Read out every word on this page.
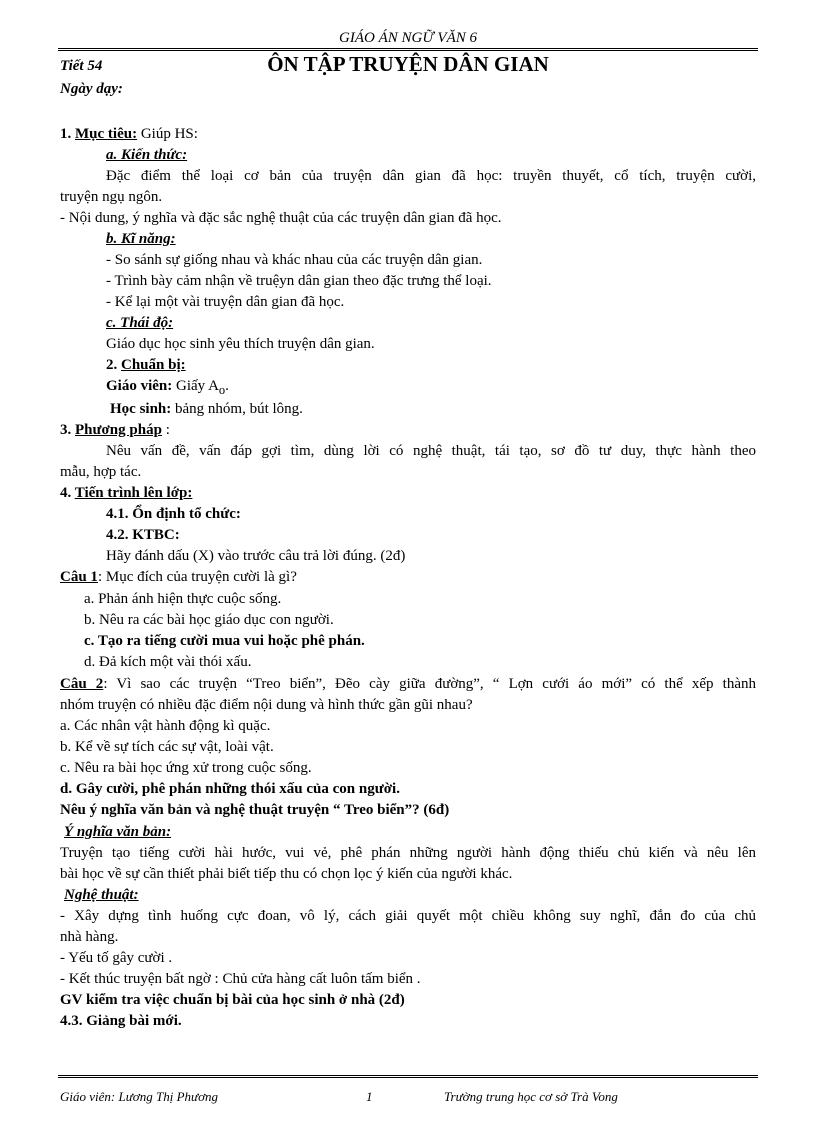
GIÁO ÁN NGỮ VĂN 6
Tiết 54	ÔN TẬP TRUYỆN DÂN GIAN
Ngày dạy:
1. Mục tiêu: Giúp HS:
a. Kiến thức:
Đặc điểm thể loại cơ bản của truyện dân gian đã học: truyền thuyết, cổ tích, truyện cười,
truyện ngụ ngôn.
- Nội dung, ý nghĩa và đặc sắc nghệ thuật của các truyện dân gian đã học.
b. Kĩ năng:
- So sánh sự giống nhau và khác nhau của các truyện dân gian.
- Trình bày cảm nhận về truệyn dân gian theo đặc trưng thể loại.
- Kể lại một vài truyện dân gian đã học.
c. Thái độ:
Giáo dục học sinh yêu thích truyện dân gian.
2. Chuẩn bị:
Giáo viên: Giấy $A_o$.
Học sinh: bảng nhóm, bút lông.
3. Phương pháp :
Nêu vấn đề, vấn đáp gợi tìm, dùng lời có nghệ thuật, tái tạo, sơ đồ tư duy, thực hành theo
mẫu, hợp tác.
4. Tiến trình lên lớp:
4.1. Ổn định tổ chức:
4.2. KTBC:
Hãy đánh dấu (X) vào trước câu trả lời đúng. (2đ)
Câu 1: Mục đích của truyện cười là gì?
a. Phản ánh hiện thực cuộc sống.
b. Nêu ra các bài học giáo dục con người.
c. Tạo ra tiếng cười mua vui hoặc phê phán.
d. Đả kích một vài thói xấu.
Câu 2: Vì sao các truyện “Treo biển”, Đẽo cày giữa đường”, “ Lợn cưới áo mới” có thể xếp thành
nhóm truyện có nhiều đặc điểm nội dung và hình thức gần gũi nhau?
a. Các nhân vật hành động kì quặc.
b. Kể về sự tích các sự vật, loài vật.
c. Nêu ra bài học ứng xử trong cuộc sống.
d. Gây cười, phê phán những thói xấu của con người.
Nêu ý nghĩa văn bản và nghệ thuật truyện “ Treo biển”? (6đ)
Ý nghĩa văn bản:
Truyện tạo tiếng cười hài hước, vui vẻ, phê phán những người hành động thiếu chủ kiến và nêu lên
bài học về sự cần thiết phải biết tiếp thu có chọn lọc ý kiến của người khác.
Nghệ thuật:
- Xây dựng tình huống cực đoan, vô lý, cách giải quyết một chiều không suy nghĩ, đắn đo của chủ
nhà hàng.
- Yếu tố gây cười .
- Kết thúc truyện bất ngờ : Chủ cửa hàng cất luôn tấm biển .
GV kiểm tra việc chuẩn bị bài của học sinh ở nhà (2đ)
4.3. Giảng bài mới.
Giáo viên: Lương Thị Phương	1	Trường trung học cơ sở Trà Vong
